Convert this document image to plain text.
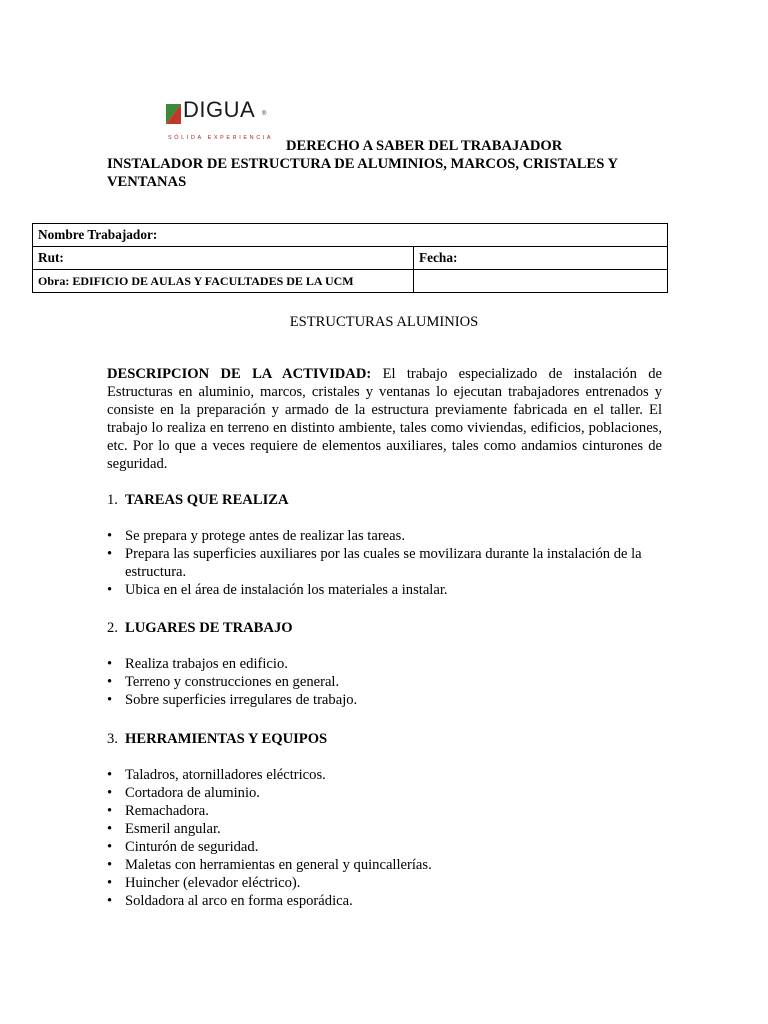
DIGUA ®
SÓLIDA EXPERIENCIA DERECHO A SABER DEL TRABAJADOR
INSTALADOR DE ESTRUCTURA DE ALUMINIOS, MARCOS, CRISTALES Y VENTANAS
Nombre Trabajador:	
Rut:	Fecha:
Obra: EDIFICIO DE AULAS Y FACULTADES DE LA UCM	
ESTRUCTURAS ALUMINIOS
DESCRIPCION DE LA ACTIVIDAD: El trabajo especializado de instalación de Estructuras en aluminio, marcos, cristales y ventanas lo ejecutan trabajadores entrenados y consiste en la preparación y armado de la estructura previamente fabricada en el taller. El trabajo lo realiza en terreno en distinto ambiente, tales como viviendas, edificios, poblaciones, etc. Por lo que a veces requiere de elementos auxiliares, tales como andamios cinturones de seguridad.
1. TAREAS QUE REALIZA
• Se prepara y protege antes de realizar las tareas.
• Prepara las superficies auxiliares por las cuales se movilizara durante la instalación de la estructura.
• Ubica en el área de instalación los materiales a instalar.
2. LUGARES DE TRABAJO
• Realiza trabajos en edificio.
• Terreno y construcciones en general.
• Sobre superficies irregulares de trabajo.
3. HERRAMIENTAS Y EQUIPOS
• Taladros, atornilladores eléctricos.
• Cortadora de aluminio.
• Remachadora.
• Esmeril angular.
• Cinturón de seguridad.
• Maletas con herramientas en general y quincallerías.
• Huincher (elevador eléctrico).
• Soldadora al arco en forma esporádica.
